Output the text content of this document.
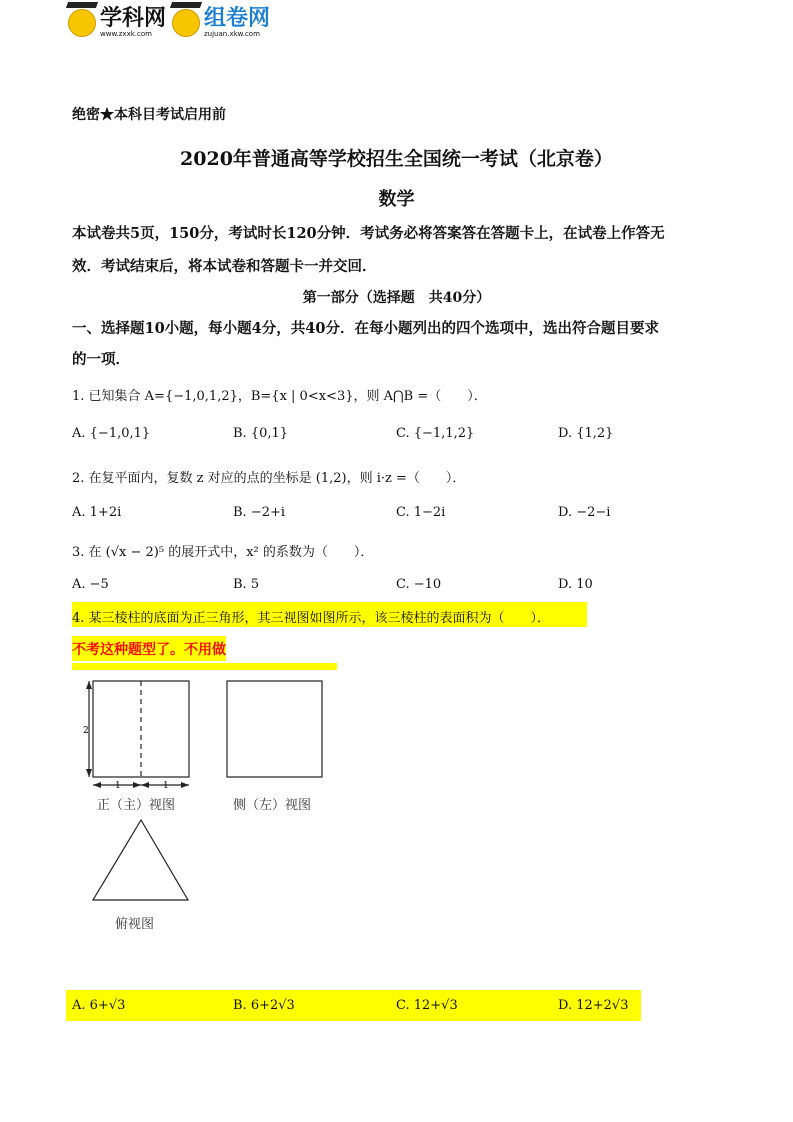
学科网
www.zxxk.com
组卷网
zujuan.xkw.com
绝密★本科目考试启用前
2020年普通高等学校招生全国统一考试（北京卷）
数学
本试卷共5页，150分，考试时长120分钟．考试务必将答案答在答题卡上，在试卷上作答无
效．考试结束后，将本试卷和答题卡一并交回．
第一部分（选择题　共40分）
一、选择题10小题，每小题4分，共40分．在每小题列出的四个选项中，选出符合题目要求
的一项．
1. 已知集合 A={−1,0,1,2}，B={x | 0<x<3}，则 A⋂B =（　　）．
A. {−1,0,1}	B. {0,1}	C. {−1,1,2}	D. {1,2}
2. 在复平面内，复数 z 对应的点的坐标是 (1,2)，则 i·z =（　　）．
A. 1+2i	B. −2+i	C. 1−2i	D. −2−i
3. 在 (√x − 2)⁵ 的展开式中，x² 的系数为（　　）．
A. −5	B. 5	C. −10	D. 10
4. 某三棱柱的底面为正三角形，其三视图如图所示，该三棱柱的表面积为（　　）．
不考这种题型了。不用做
2
1	1
正（主）视图	侧（左）视图
俯视图
A. 6+√3	B. 6+2√3	C. 12+√3	D. 12+2√3
